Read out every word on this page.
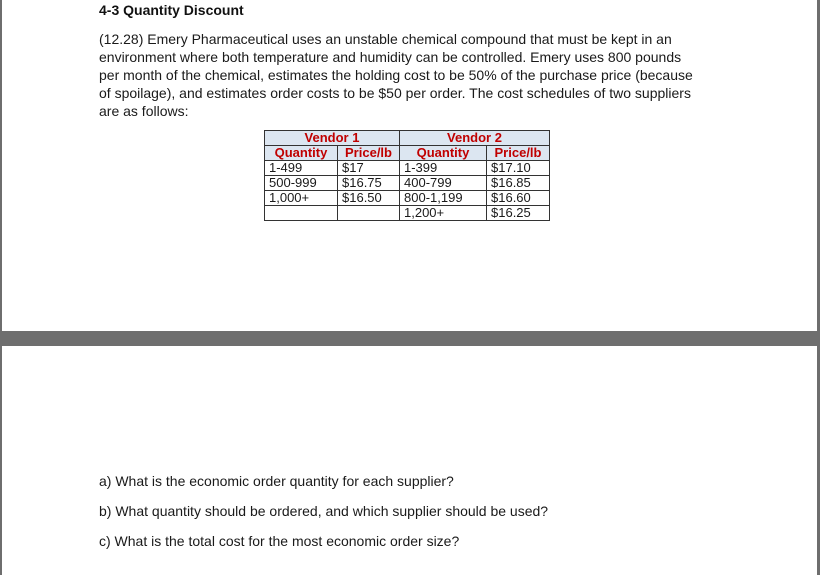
4-3 Quantity Discount
(12.28) Emery Pharmaceutical uses an unstable chemical compound that must be kept in an
environment where both temperature and humidity can be controlled. Emery uses 800 pounds
per month of the chemical, estimates the holding cost to be 50% of the purchase price (because
of spoilage), and estimates order costs to be $50 per order. The cost schedules of two suppliers
are as follows:
Vendor 1		Vendor 2	
Quantity	Price/lb	Quantity	Price/lb
1-499	$17	1-399	$17.10
500-999	$16.75	400-799	$16.85
1,000+	$16.50	800-1,199	$16.60
		1,200+	$16.25
a) What is the economic order quantity for each supplier?
b) What quantity should be ordered, and which supplier should be used?
c) What is the total cost for the most economic order size?
